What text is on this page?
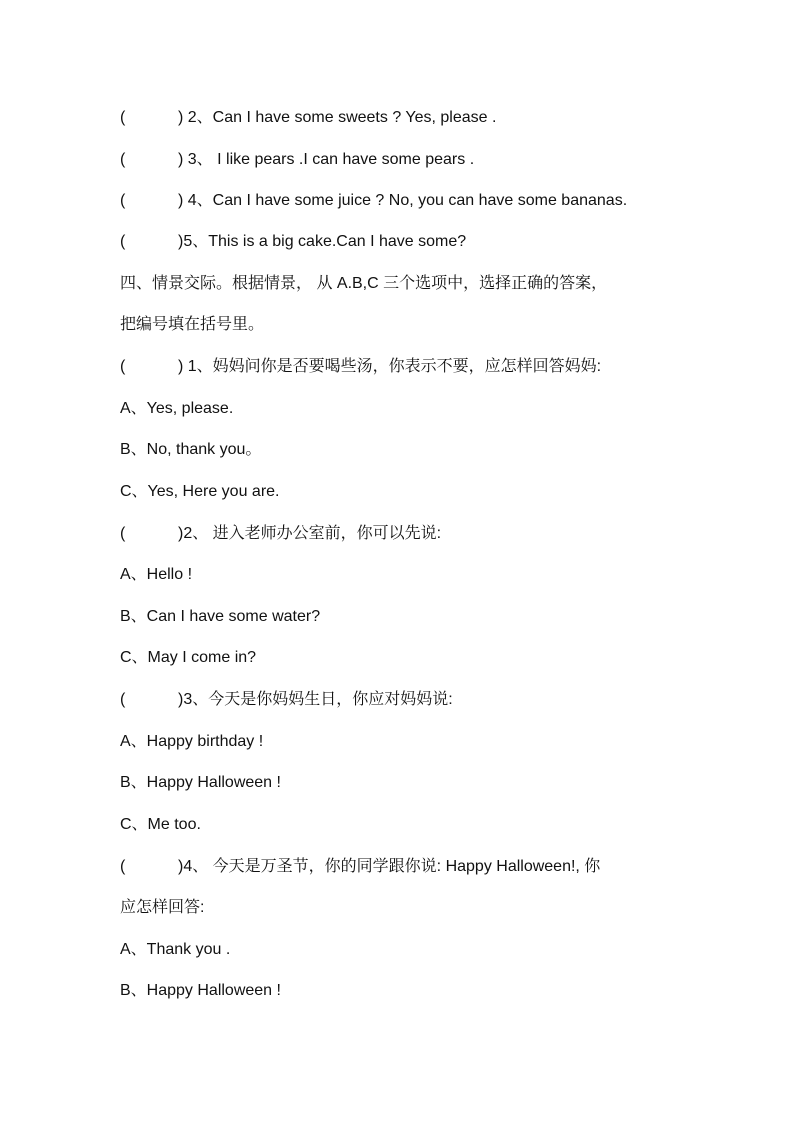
(	) 2、Can I have some sweets ? Yes, please .
(	) 3、 I like pears .I can have some pears .
(	) 4、Can I have some juice ? No, you can have some bananas.
(	)5、This is a big cake.Can I have some?
四、情景交际。根据情景， 从 A.B,C 三个选项中，选择正确的答案，
把编号填在括号里。
(	) 1、妈妈问你是否要喝些汤，你表示不要，应怎样回答妈妈:
A、Yes, please.
B、No, thank you。
C、Yes, Here you are.
(	)2、 进入老师办公室前，你可以先说:
A、Hello !
B、Can I have some water?
C、May I come in?
(	)3、今天是你妈妈生日，你应对妈妈说:
A、Happy birthday !
B、Happy Halloween !
C、Me too.
(	)4、 今天是万圣节，你的同学跟你说: Happy Halloween!, 你
应怎样回答:
A、Thank you .
B、Happy Halloween !
